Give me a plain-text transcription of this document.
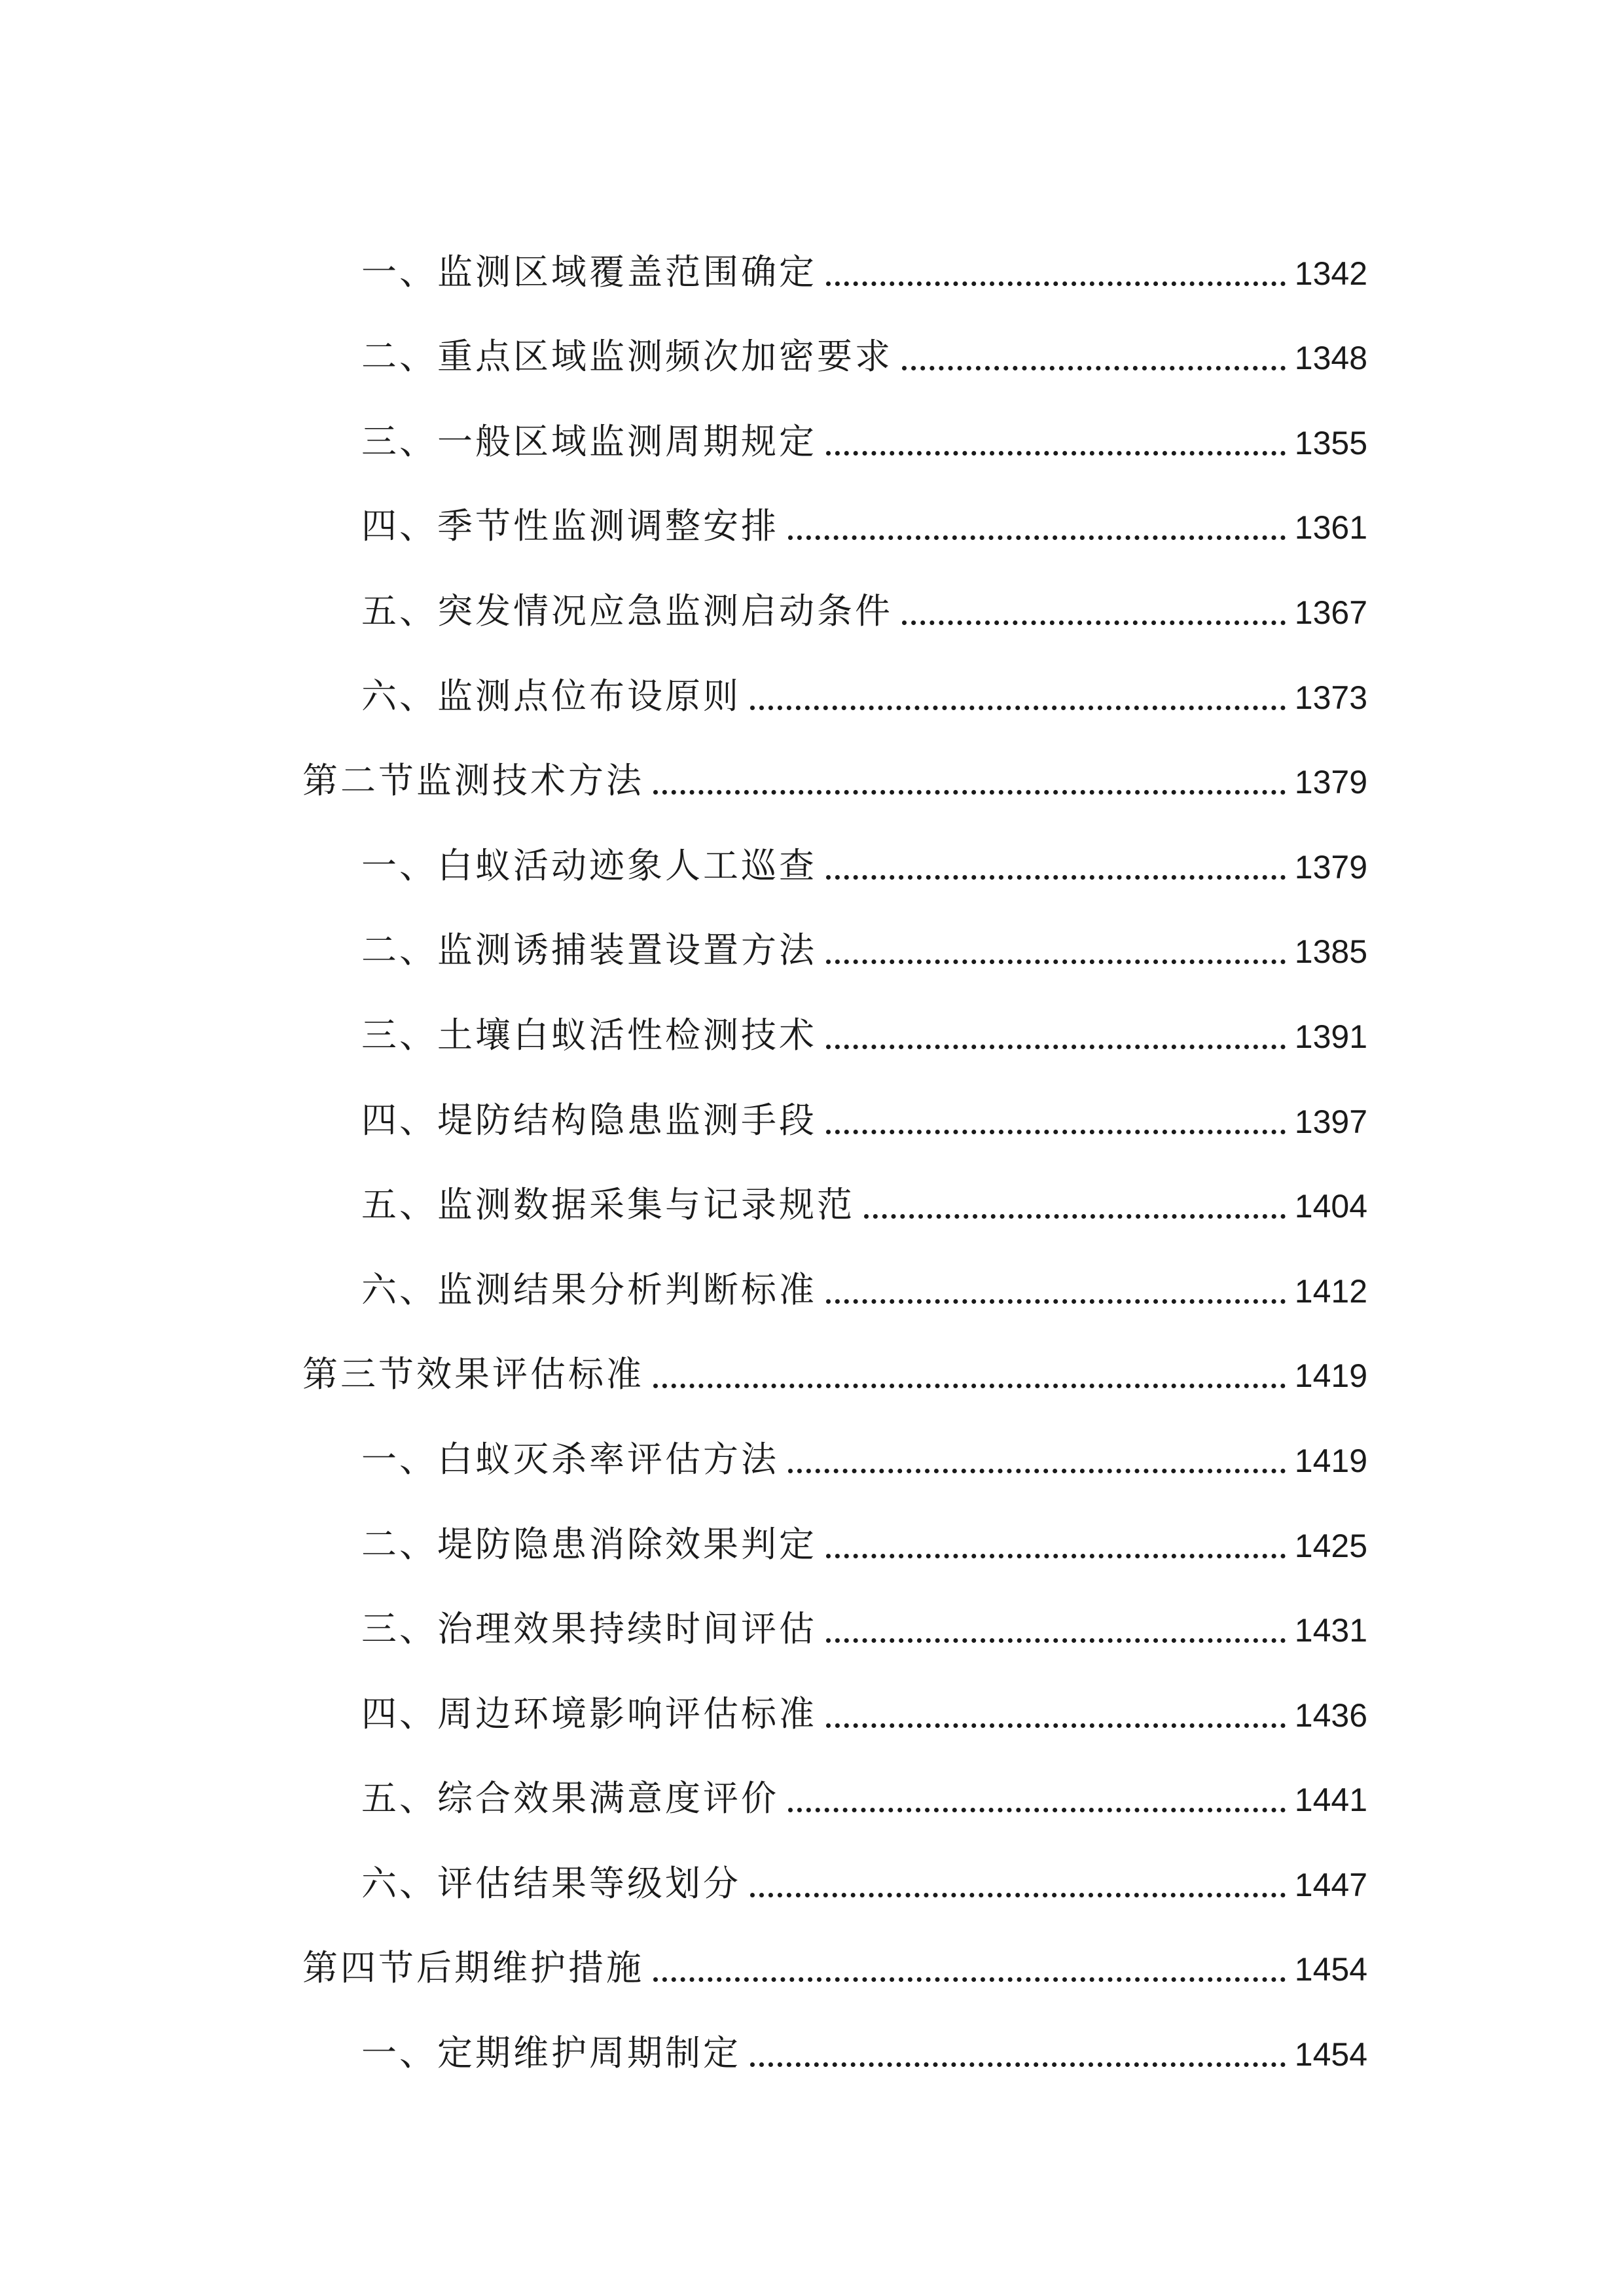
一、监测区域覆盖范围确定	1342
二、重点区域监测频次加密要求	1348
三、一般区域监测周期规定	1355
四、季节性监测调整安排	1361
五、突发情况应急监测启动条件	1367
六、监测点位布设原则	1373
第二节监测技术方法	1379
一、白蚁活动迹象人工巡查	1379
二、监测诱捕装置设置方法	1385
三、土壤白蚁活性检测技术	1391
四、堤防结构隐患监测手段	1397
五、监测数据采集与记录规范	1404
六、监测结果分析判断标准	1412
第三节效果评估标准	1419
一、白蚁灭杀率评估方法	1419
二、堤防隐患消除效果判定	1425
三、治理效果持续时间评估	1431
四、周边环境影响评估标准	1436
五、综合效果满意度评价	1441
六、评估结果等级划分	1447
第四节后期维护措施	1454
一、定期维护周期制定	1454
